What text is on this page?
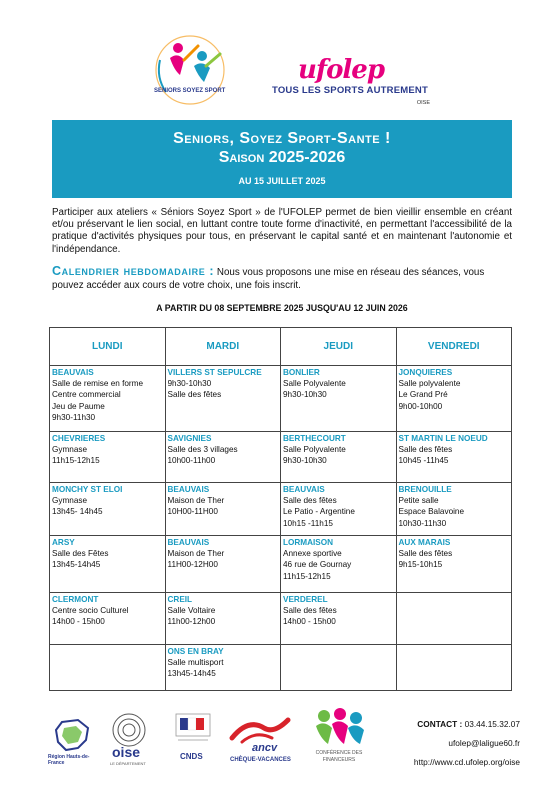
SENIORS SOYEZ SPORT
ufolep
TOUS LES SPORTS AUTREMENT
OISE
Seniors, Soyez Sport-Sante !
Saison 2025-2026
AU 15 JUILLET 2025

Participer aux ateliers « Séniors Soyez Sport » de l'UFOLEP permet de bien vieillir ensemble en créant et/ou préservant le lien social, en luttant contre toute forme d'inactivité, en permettant l'accessibilité de la pratique d'activités physiques pour tous, en préservant le capital santé et en maintenant l'autonomie et l'indépendance.

Calendrier hebdomadaire : Nous vous proposons une mise en réseau des séances, vous pouvez accéder aux cours de votre choix, une fois inscrit.
A PARTIR DU 08 SEPTEMBRE 2025 JUSQU'AU 12 JUIN 2026
LUNDI	MARDI	JEUDI	VENDREDI

BEAUVAIS
Salle de remise en forme
Centre commercial
Jeu de Paume
9h30-11h30	VILLERS ST SEPULCRE
9h30-10h30
Salle des fêtes	BONLIER
Salle Polyvalente
9h30-10h30	JONQUIERES
Salle polyvalente
Le Grand Pré
9h00-10h00

CHEVRIERES
Gymnase
11h15-12h15	SAVIGNIES
Salle des 3 villages
10h00-11h00	BERTHECOURT
Salle Polyvalente
9h30-10h30	ST MARTIN LE NOEUD
Salle des fêtes
10h45 -11h45

MONCHY ST ELOI
Gymnase
13h45- 14h45	BEAUVAIS
Maison de Ther
10H00-11H00	BEAUVAIS
Salle des fêtes
Le Patio - Argentine
10h15 -11h15	BRENOUILLE
Petite salle
Espace Balavoine
10h30-11h30

ARSY
Salle des Fêtes
13h45-14h45	BEAUVAIS
Maison de Ther
11H00-12H00	LORMAISON
Annexe sportive
46 rue de Gournay
11h15-12h15	AUX MARAIS
Salle des fêtes
9h15-10h15

CLERMONT
Centre socio Culturel
14h00 - 15h00	CREIL
Salle Voltaire
11h00-12h00	VERDEREL
Salle des fêtes
14h00 - 15h00	

	ONS EN BRAY
Salle multisport
13h45-14h45		

Région Hauts-de-France
oise
LE DÉPARTEMENT
CNDS
ancv
CHÈQUE-VACANCES
CONFÉRENCE DES FINANCEURS
CONTACT : 03.44.15.32.07
ufolep@laligue60.fr
http://www.cd.ufolep.org/oise
